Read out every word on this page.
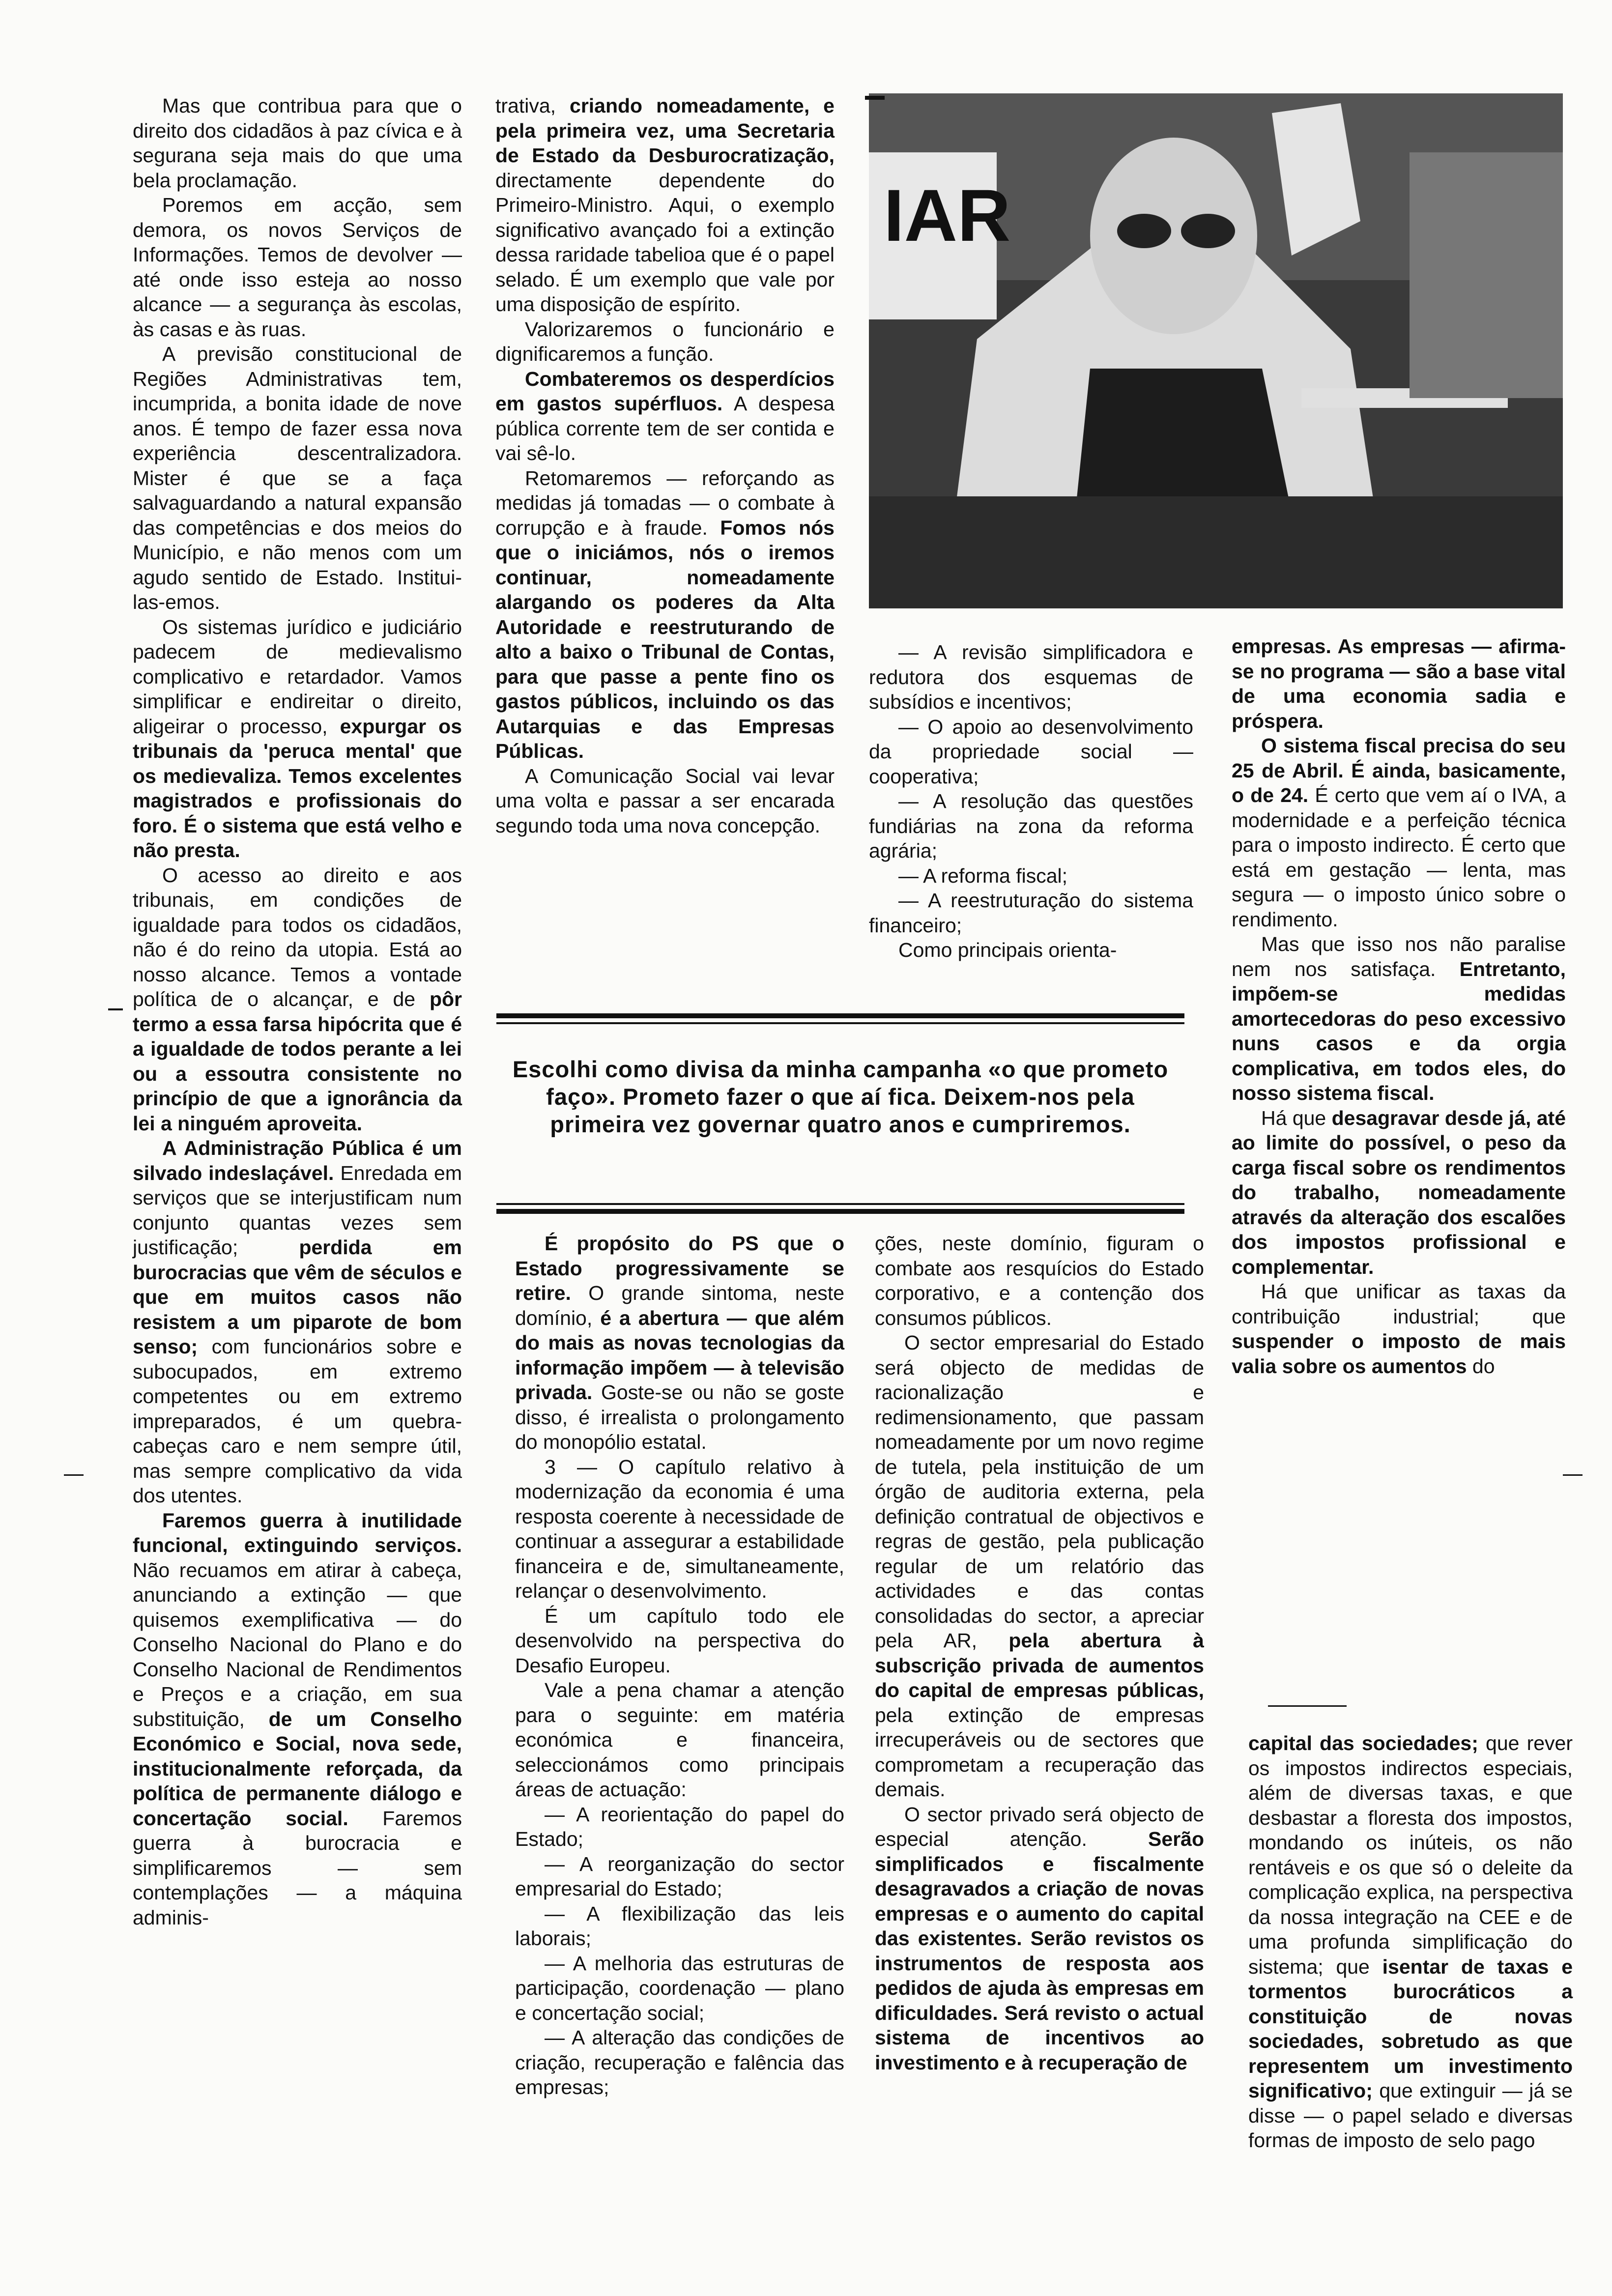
Mas que contribua para que o direito dos cidadãos à paz cívica e à segurana seja mais do que uma bela proclamação.

Poremos em acção, sem demora, os novos Serviços de Informações. Temos de devolver — até onde isso esteja ao nosso alcance — a segurança às escolas, às casas e às ruas.

A previsão constitucional de Regiões Administrativas tem, incumprida, a bonita idade de nove anos. É tempo de fazer essa nova experiência descentralizadora. Mister é que se a faça salvaguardando a natural expansão das competências e dos meios do Município, e não menos com um agudo sentido de Estado. Institui-las-emos.

Os sistemas jurídico e judiciário padecem de medievalismo complicativo e retardador. Vamos simplificar e endireitar o direito, aligeirar o processo, expurgar os tribunais da 'peruca mental' que os medievaliza. Temos excelentes magistrados e profissionais do foro. É o sistema que está velho e não presta.

O acesso ao direito e aos tribunais, em condições de igualdade para todos os cidadãos, não é do reino da utopia. Está ao nosso alcance. Temos a vontade política de o alcançar, e de pôr termo a essa farsa hipócrita que é a igualdade de todos perante a lei ou a essoutra consistente no princípio de que a ignorância da lei a ninguém aproveita.

A Administração Pública é um silvado indeslaçável. Enredada em serviços que se interjustificam num conjunto quantas vezes sem justificação; perdida em burocracias que vêm de séculos e que em muitos casos não resistem a um piparote de bom senso; com funcionários sobre e subocupados, em extremo competentes ou em extremo impreparados, é um quebra-cabeças caro e nem sempre útil, mas sempre complicativo da vida dos utentes.

Faremos guerra à inutilidade funcional, extinguindo serviços. Não recuamos em atirar à cabeça, anunciando a extinção — que quisemos exemplificativa — do Conselho Nacional do Plano e do Conselho Nacional de Rendimentos e Preços e a criação, em sua substituição, de um Conselho Económico e Social, nova sede, institucionalmente reforçada, da política de permanente diálogo e concertação social. Faremos guerra à burocracia e simplificaremos — sem contemplações — a máquina adminis-

trativa, criando nomeadamente, e pela primeira vez, uma Secretaria de Estado da Desburocratização, directamente dependente do Primeiro-Ministro. Aqui, o exemplo significativo avançado foi a extinção dessa raridade tabelioa que é o papel selado. É um exemplo que vale por uma disposição de espírito.

Valorizaremos o funcionário e dignificaremos a função.

Combateremos os desperdícios em gastos supérfluos. A despesa pública corrente tem de ser contida e vai sê-lo.

Retomaremos — reforçando as medidas já tomadas — o combate à corrupção e à fraude. Fomos nós que o iniciámos, nós o iremos continuar, nomeadamente alargando os poderes da Alta Autoridade e reestruturando de alto a baixo o Tribunal de Contas, para que passe a pente fino os gastos públicos, incluindo os das Autarquias e das Empresas Públicas.

A Comunicação Social vai levar uma volta e passar a ser encarada segundo toda uma nova concepção.

IAR

— A revisão simplificadora e redutora dos esquemas de subsídios e incentivos;

— O apoio ao desenvolvimento da propriedade social — cooperativa;

— A resolução das questões fundiárias na zona da reforma agrária;

— A reforma fiscal;

— A reestruturação do sistema financeiro;

Como principais orienta-

empresas. As empresas — afirma-se no programa — são a base vital de uma economia sadia e próspera.

O sistema fiscal precisa do seu 25 de Abril. É ainda, basicamente, o de 24. É certo que vem aí o IVA, a modernidade e a perfeição técnica para o imposto indirecto. É certo que está em gestação — lenta, mas segura — o imposto único sobre o rendimento.

Mas que isso nos não paralise nem nos satisfaça. Entretanto, impõem-se medidas amortecedoras do peso excessivo nuns casos e da orgia complicativa, em todos eles, do nosso sistema fiscal.

Há que desagravar desde já, até ao limite do possível, o peso da carga fiscal sobre os rendimentos do trabalho, nomeadamente através da alteração dos escalões dos impostos profissional e complementar.

Há que unificar as taxas da contribuição industrial; que suspender o imposto de mais valia sobre os aumentos do

Escolhi como divisa da minha campanha «o que prometo faço». Prometo fazer o que aí fica. Deixem-nos pela primeira vez governar quatro anos e cumpriremos.

É propósito do PS que o Estado progressivamente se retire. O grande sintoma, neste domínio, é a abertura — que além do mais as novas tecnologias da informação impõem — à televisão privada. Goste-se ou não se goste disso, é irrealista o prolongamento do monopólio estatal.

3 — O capítulo relativo à modernização da economia é uma resposta coerente à necessidade de continuar a assegurar a estabilidade financeira e de, simultaneamente, relançar o desenvolvimento.

É um capítulo todo ele desenvolvido na perspectiva do Desafio Europeu.

Vale a pena chamar a atenção para o seguinte: em matéria económica e financeira, seleccionámos como principais áreas de actuação:

— A reorientação do papel do Estado;

— A reorganização do sector empresarial do Estado;

— A flexibilização das leis laborais;

— A melhoria das estruturas de participação, coordenação — plano e concertação social;

— A alteração das condições de criação, recuperação e falência das empresas;

ções, neste domínio, figuram o combate aos resquícios do Estado corporativo, e a contenção dos consumos públicos.

O sector empresarial do Estado será objecto de medidas de racionalização e redimensionamento, que passam nomeadamente por um novo regime de tutela, pela instituição de um órgão de auditoria externa, pela definição contratual de objectivos e regras de gestão, pela publicação regular de um relatório das actividades e das contas consolidadas do sector, a apreciar pela AR, pela abertura à subscrição privada de aumentos do capital de empresas públicas, pela extinção de empresas irrecuperáveis ou de sectores que comprometam a recuperação das demais.

O sector privado será objecto de especial atenção. Serão simplificados e fiscalmente desagravados a criação de novas empresas e o aumento do capital das existentes. Serão revistos os instrumentos de resposta aos pedidos de ajuda às empresas em dificuldades. Será revisto o actual sistema de incentivos ao investimento e à recuperação de

capital das sociedades; que rever os impostos indirectos especiais, além de diversas taxas, e que desbastar a floresta dos impostos, mondando os inúteis, os não rentáveis e os que só o deleite da complicação explica, na perspectiva da nossa integração na CEE e de uma profunda simplificação do sistema; que isentar de taxas e tormentos burocráticos a constituição de novas sociedades, sobretudo as que representem um investimento significativo; que extinguir — já se disse — o papel selado e diversas formas de imposto de selo pago
